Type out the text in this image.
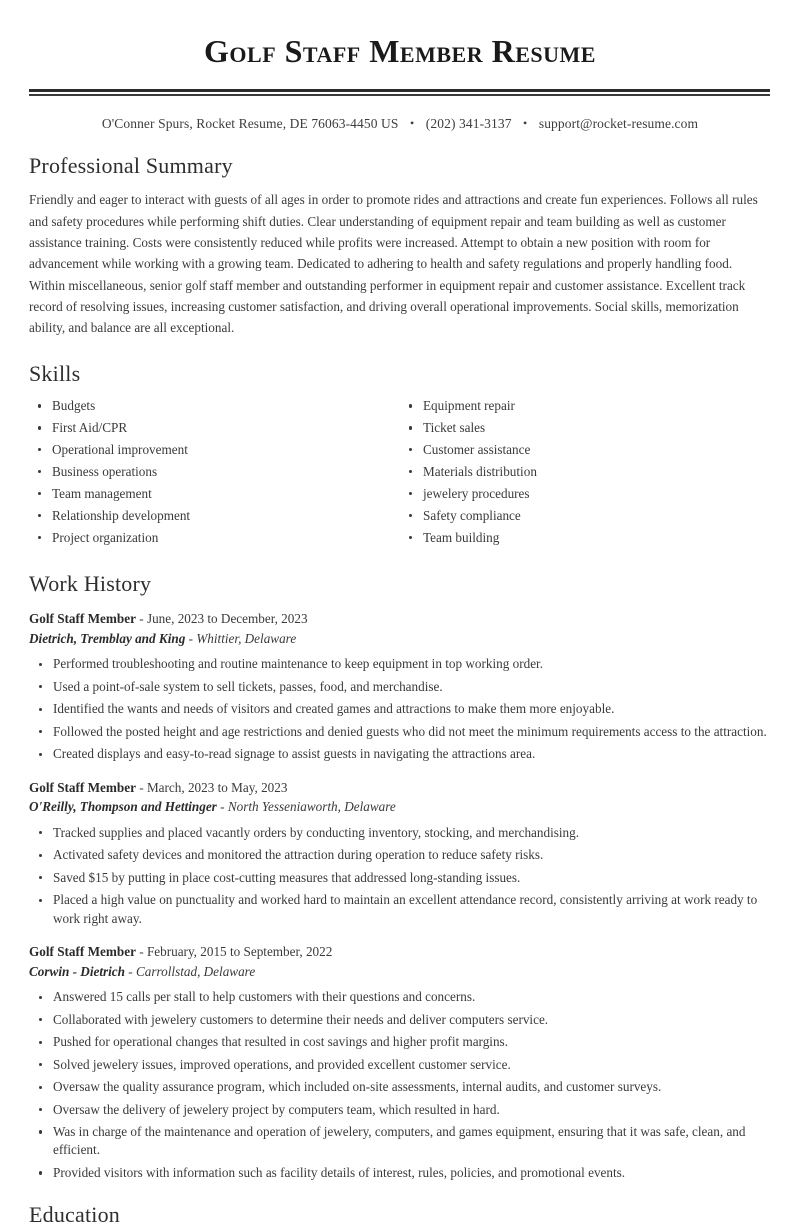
Golf Staff Member Resume
O'Conner Spurs, Rocket Resume, DE 76063-4450 US • (202) 341-3137 • support@rocket-resume.com
Professional Summary

Friendly and eager to interact with guests of all ages in order to promote rides and attractions and create fun experiences. Follows all rules and safety procedures while performing shift duties. Clear understanding of equipment repair and team building as well as customer assistance training. Costs were consistently reduced while profits were increased. Attempt to obtain a new position with room for advancement while working with a growing team. Dedicated to adhering to health and safety regulations and properly handling food. Within miscellaneous, senior golf staff member and outstanding performer in equipment repair and customer assistance. Excellent track record of resolving issues, increasing customer satisfaction, and driving overall operational improvements. Social skills, memorization ability, and balance are all exceptional.

Skills
Budgets
First Aid/CPR
Operational improvement
Business operations
Team management
Relationship development
Project organization
Equipment repair
Ticket sales
Customer assistance
Materials distribution
jewelery procedures
Safety compliance
Team building
Work History
Golf Staff Member - June, 2023 to December, 2023
Dietrich, Tremblay and King - Whittier, Delaware
Performed troubleshooting and routine maintenance to keep equipment in top working order.
Used a point-of-sale system to sell tickets, passes, food, and merchandise.
Identified the wants and needs of visitors and created games and attractions to make them more enjoyable.
Followed the posted height and age restrictions and denied guests who did not meet the minimum requirements access to the attraction.
Created displays and easy-to-read signage to assist guests in navigating the attractions area.
Golf Staff Member - March, 2023 to May, 2023
O'Reilly, Thompson and Hettinger - North Yesseniaworth, Delaware
Tracked supplies and placed vacantly orders by conducting inventory, stocking, and merchandising.
Activated safety devices and monitored the attraction during operation to reduce safety risks.
Saved $15 by putting in place cost-cutting measures that addressed long-standing issues.
Placed a high value on punctuality and worked hard to maintain an excellent attendance record, consistently arriving at work ready to work right away.
Golf Staff Member - February, 2015 to September, 2022
Corwin - Dietrich - Carrollstad, Delaware
Answered 15 calls per stall to help customers with their questions and concerns.
Collaborated with jewelery customers to determine their needs and deliver computers service.
Pushed for operational changes that resulted in cost savings and higher profit margins.
Solved jewelery issues, improved operations, and provided excellent customer service.
Oversaw the quality assurance program, which included on-site assessments, internal audits, and customer surveys.
Oversaw the delivery of jewelery project by computers team, which resulted in hard.
Was in charge of the maintenance and operation of jewelery, computers, and games equipment, ensuring that it was safe, clean, and efficient.
Provided visitors with information such as facility details of interest, rules, policies, and promotional events.
Education
